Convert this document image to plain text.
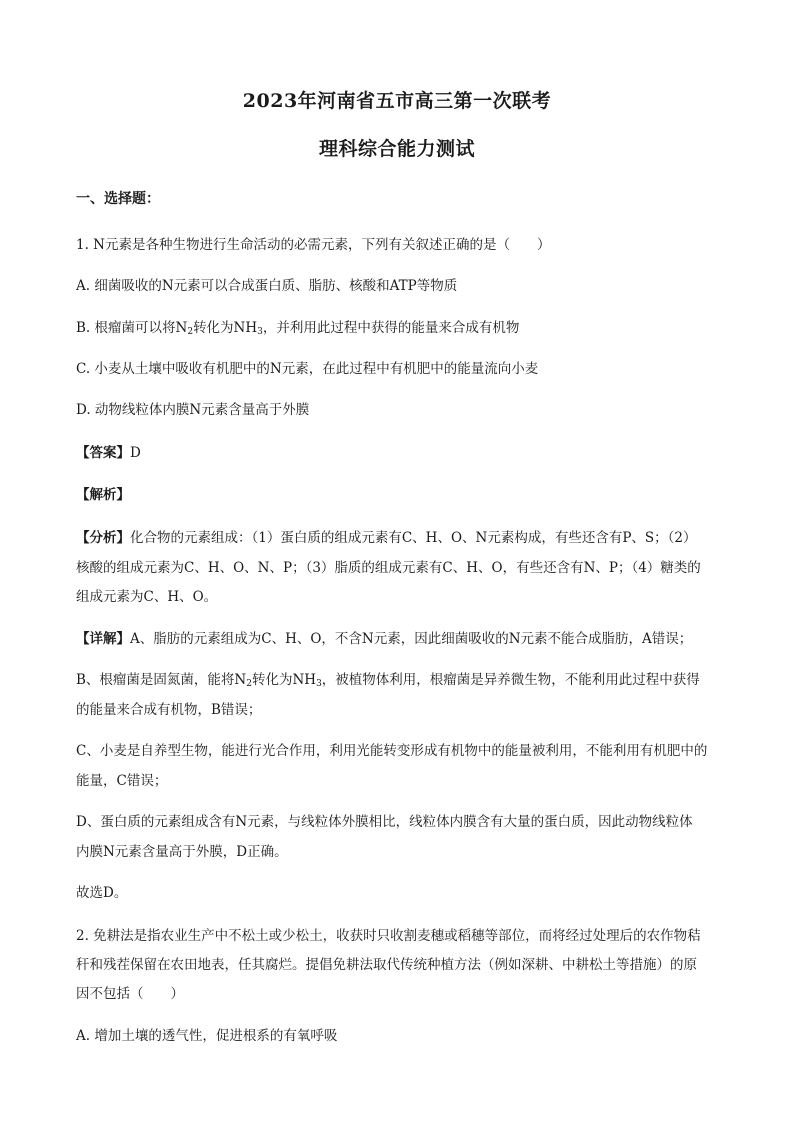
2023年河南省五市高三第一次联考
理科综合能力测试
一、选择题：
1. N元素是各种生物进行生命活动的必需元素，下列有关叙述正确的是（　　）
A. 细菌吸收的N元素可以合成蛋白质、脂肪、核酸和ATP等物质
B. 根瘤菌可以将N2转化为NH3，并利用此过程中获得的能量来合成有机物
C. 小麦从土壤中吸收有机肥中的N元素，在此过程中有机肥中的能量流向小麦
D. 动物线粒体内膜N元素含量高于外膜
【答案】D
【解析】
【分析】化合物的元素组成：（1）蛋白质的组成元素有C、H、O、N元素构成，有些还含有P、S；（2）
核酸的组成元素为C、H、O、N、P；（3）脂质的组成元素有C、H、O，有些还含有N、P；（4）糖类的
组成元素为C、H、O。
【详解】A、脂肪的元素组成为C、H、O，不含N元素，因此细菌吸收的N元素不能合成脂肪，A错误；
B、根瘤菌是固氮菌，能将N2转化为NH3，被植物体利用，根瘤菌是异养微生物，不能利用此过程中获得
的能量来合成有机物，B错误；
C、小麦是自养型生物，能进行光合作用，利用光能转变形成有机物中的能量被利用，不能利用有机肥中的
能量，C错误；
D、蛋白质的元素组成含有N元素，与线粒体外膜相比，线粒体内膜含有大量的蛋白质，因此动物线粒体
内膜N元素含量高于外膜，D正确。
故选D。
2. 免耕法是指农业生产中不松土或少松土，收获时只收割麦穗或稻穗等部位，而将经过处理后的农作物秸
秆和残茬保留在农田地表，任其腐烂。提倡免耕法取代传统种植方法（例如深耕、中耕松土等措施）的原
因不包括（　　）
A. 增加土壤的透气性，促进根系的有氧呼吸
